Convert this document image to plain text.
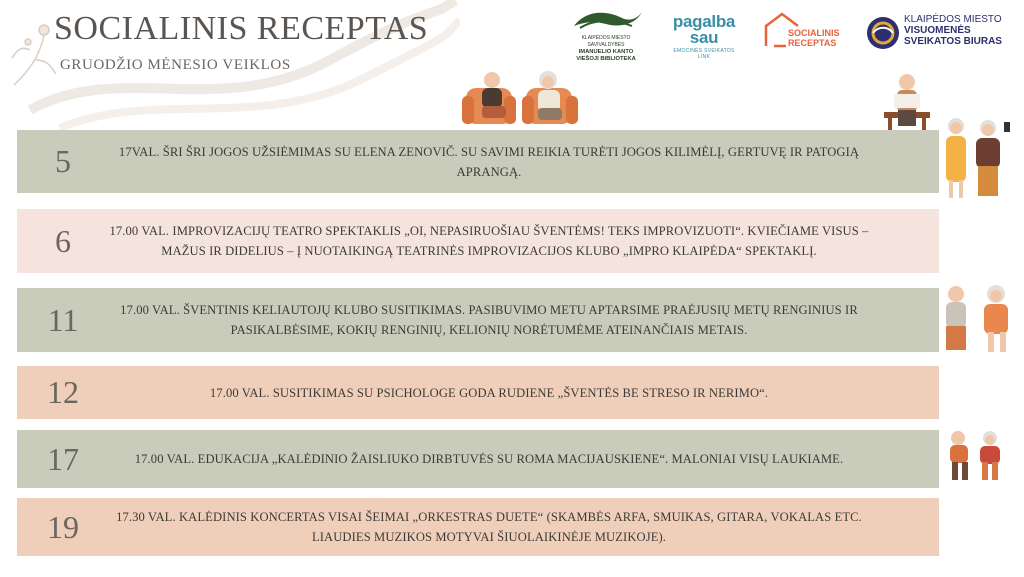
SOCIALINIS RECEPTAS
GRUODŽIO MĖNESIO VEIKLOS
KLAIPĖDOS MIESTO SAVIVALDYBĖS
IMANUELIO KANTO
VIEŠOJI BIBLIOTEKA
pagalba
sau
EMOCINĖS SVEIKATOS LINK
SOCIALINIS
RECEPTAS
KLAIPĖDOS MIESTO
VISUOMENĖS
SVEIKATOS BIURAS
5	17VAL. ŠRI ŠRI JOGOS UŽSIĖMIMAS SU ELENA ZENOVIČ. SU SAVIMI REIKIA TURĖTI JOGOS KILIMĖLĮ, GERTUVĘ IR PATOGIĄ APRANGĄ.
6	17.00 VAL. IMPROVIZACIJŲ TEATRO SPEKTAKLIS „OI, NEPASIRUOŠIAU ŠVENTĖMS! TEKS IMPROVIZUOTI“. KVIEČIAME VISUS – MAŽUS IR DIDELIUS – Į NUOTAIKINGĄ TEATRINĖS IMPROVIZACIJOS KLUBO „IMPRO KLAIPĖDA“ SPEKTAKLĮ.
11	17.00 VAL. ŠVENTINIS KELIAUTOJŲ KLUBO SUSITIKIMAS. PASIBUVIMO METU APTARSIME PRAĖJUSIŲ METŲ RENGINIUS IR PASIKALBĖSIME, KOKIŲ RENGINIŲ, KELIONIŲ NORĖTUMĖME ATEINANČIAIS METAIS.
12	17.00 VAL. SUSITIKIMAS SU PSICHOLOGE GODA RUDIENE „ŠVENTĖS BE STRESO IR NERIMO“.
17	17.00 VAL. EDUKACIJA „KALĖDINIO ŽAISLIUKO DIRBTUVĖS SU ROMA MACIJAUSKIENE“. MALONIAI VISŲ LAUKIAME.
19	17.30 VAL. KALĖDINIS KONCERTAS VISAI ŠEIMAI „ORKESTRAS DUETE“ (SKAMBĖS ARFA, SMUIKAS, GITARA, VOKALAS ETC. LIAUDIES MUZIKOS MOTYVAI ŠIUOLAIKINĖJE MUZIKOJE).
